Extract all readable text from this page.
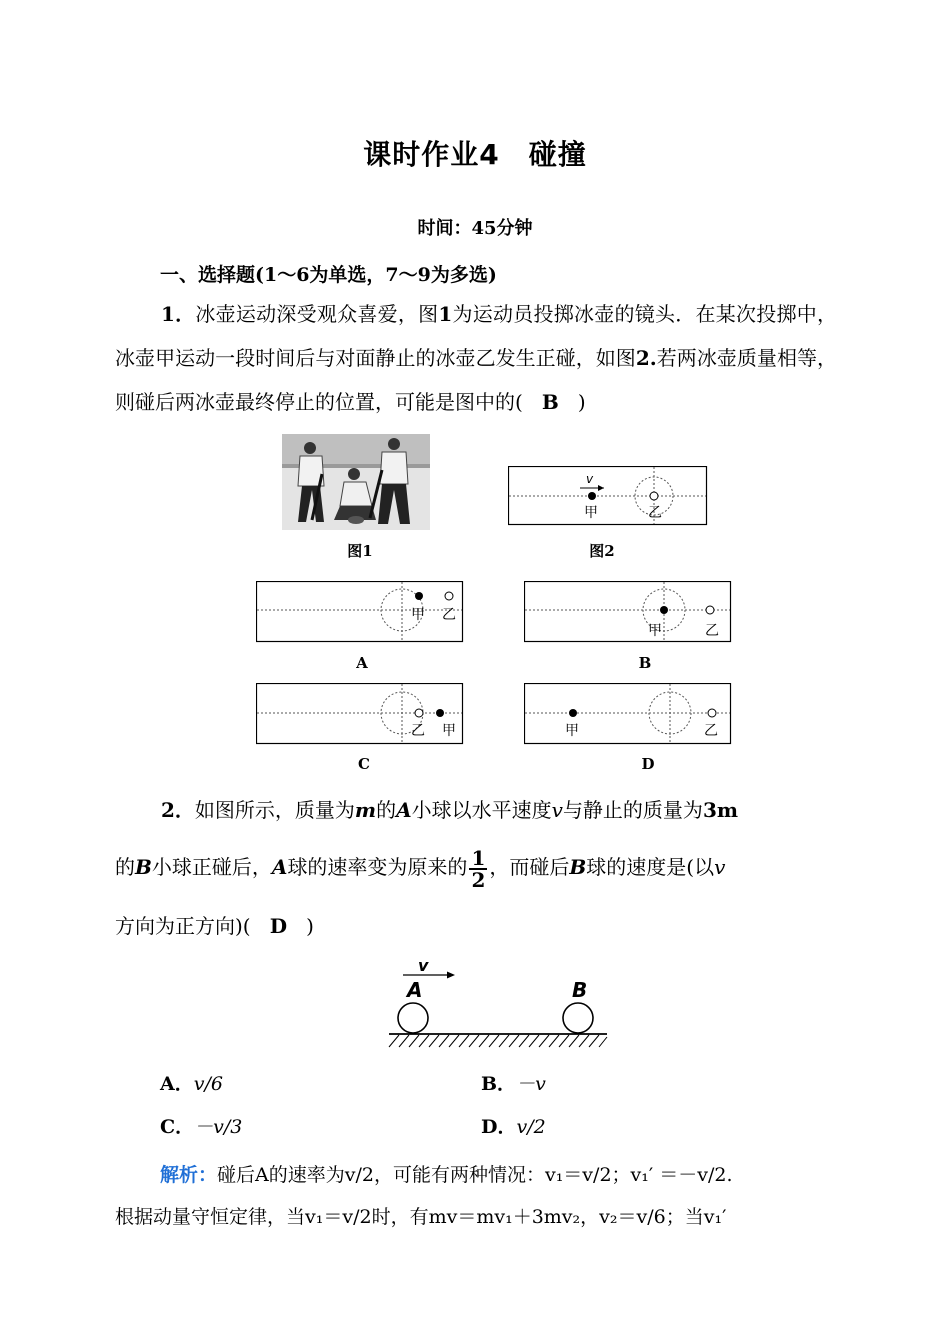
课时作业4　碰撞
时间：45分钟
一、选择题(1～6为单选，7～9为多选)
1．冰壶运动深受观众喜爱，图1为运动员投掷冰壶的镜头．在某次投掷中，冰壶甲运动一段时间后与对面静止的冰壶乙发生正碰，如图2.若两冰壶质量相等，则碰后两冰壶最终停止的位置，可能是图中的( B )
图1
v
甲	乙
图2
甲 乙
A
甲	乙
B
乙 甲
C
甲	乙
D
2．如图所示，质量为m的A小球以水平速度v与静止的质量为3m
的B小球正碰后，A球的速率变为原来的 $\frac{1}{2}$ ，而碰后B球的速度是(以v
方向为正方向)( D )
v
A	B
A．v/6	B．－v
C．－v/3	D．v/2
解析：碰后A的速率为v/2，可能有两种情况：v₁＝v/2；v₁′ ＝－v/2.
根据动量守恒定律，当v₁＝v/2时，有mv＝mv₁＋3mv₂，v₂＝v/6；当v₁′
